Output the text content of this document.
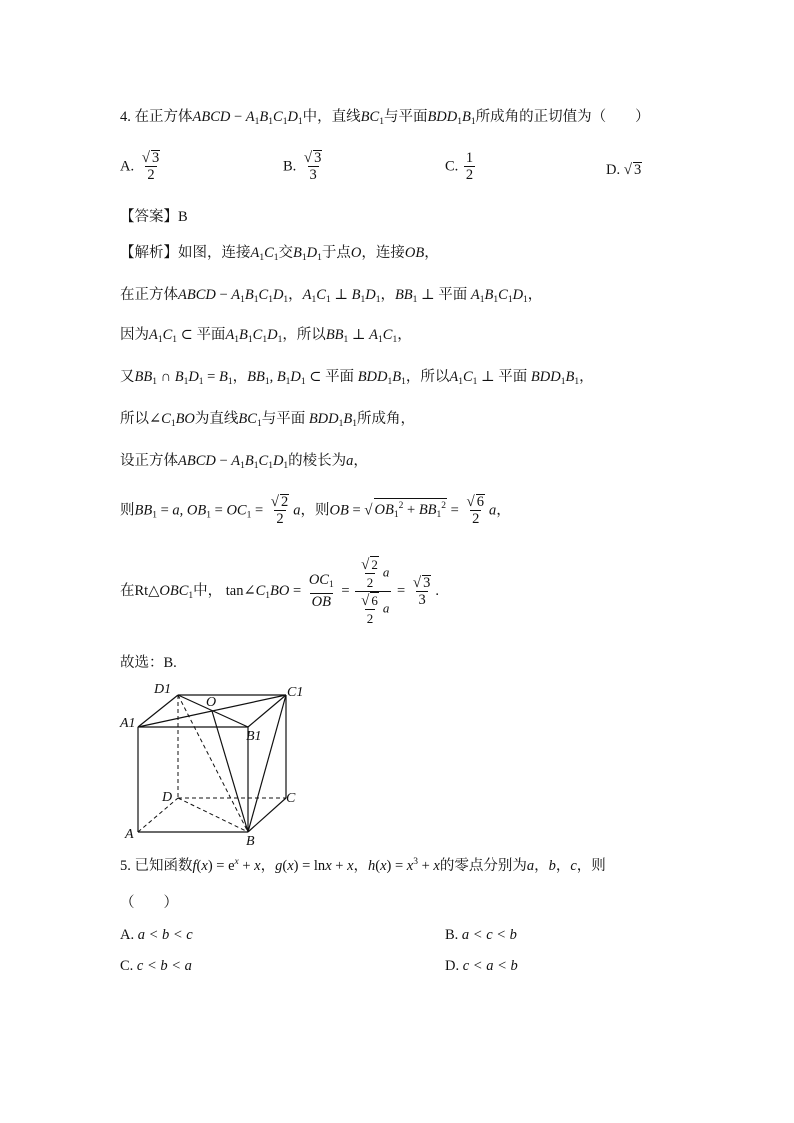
4. 在正方体ABCD − $A_1B_1C_1D_1$中，直线$BC_1$与平面$BDD_1B_1$所成角的正切值为（　　）
A. $\frac{√ 3}{2}$	B. $\frac{√ 3}{3}$	C. $\frac{1}{2}$	D. √ 3
【答案】B
【解析】如图，连接$A_1C_1$交$B_1D_1$于点O，连接OB，
在正方体ABCD − $A_1B_1C_1D_1$，$A_1C_1$ ⊥ $B_1D_1$，$BB_1$ ⊥ 平面 $A_1B_1C_1D_1$，
因为$A_1C_1$ ⊂ 平面$A_1B_1C_1D_1$，所以$BB_1$ ⊥ $A_1C_1$，
又$BB_1$ ∩ $B_1D_1 = B_1$，$BB_1$, $B_1D_1$ ⊂ 平面 $BDD_1B_1$，所以$A_1C_1$ ⊥ 平面 $BDD_1B_1$，
所以$\angle C_1BO$为直线$BC_1$与平面 $BDD_1B_1$所成角，
设正方体ABCD − $A_1B_1C_1D_1$的棱长为a，
则$BB_1 = a$, $OB_1 = OC_1 = \frac{√ 2}{2}$ a，则OB = √ $OB_1^2 + BB_1^2 = \frac{√ 6}{2}$ a，
在$Rt\triangle OBC_1$中， $\tan\angle C_1BO = \frac{OC_1}{OB} = \frac{\frac{√ 2}{2} a}{\frac{√ 6}{2} a} = \frac{√ 3}{3}$ .
故选：B.
D1
O
C1
A1
B1
D	C
A	B
5. 已知函数$f(x) = e^x + x$，g(x) = lnx + x，$h(x) = x^3 + x$的零点分别为a，b，c，则
（　　）
A. a < b < c	B. a < c < b
C. c < b < a	D. c < a < b
